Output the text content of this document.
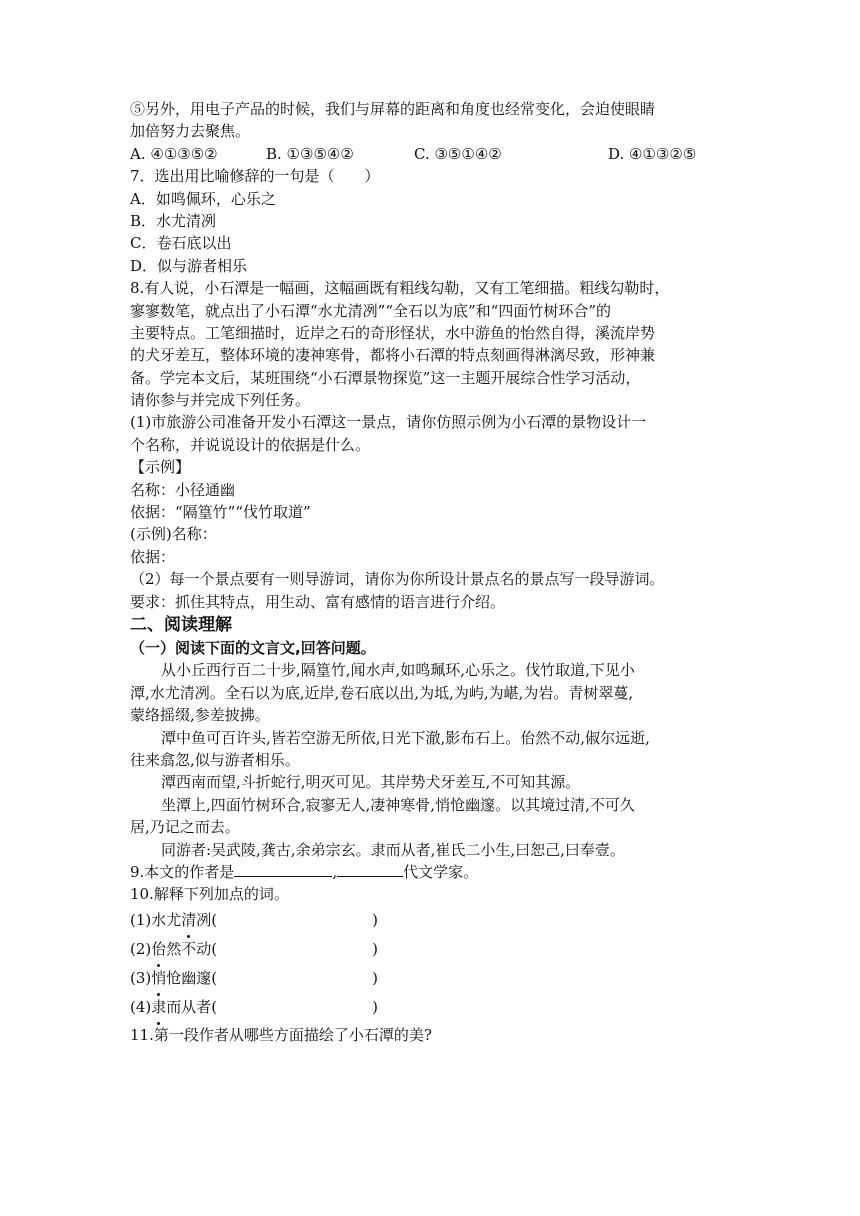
⑤另外，用电子产品的时候，我们与屏幕的距离和角度也经常变化，会迫使眼睛
加倍努力去聚焦。
A. ④①③⑤②	B. ①③⑤④②	C. ③⑤①④②	D. ④①③②⑤
7．选出用比喻修辞的一句是（　　）
A．如鸣佩环，心乐之
B．水尤清冽
C．卷石底以出
D．似与游者相乐
8.有人说，小石潭是一幅画，这幅画既有粗线勾勒，又有工笔细描。粗线勾勒时，
寥寥数笔，就点出了小石潭“水尤清冽”“全石以为底”和“四面竹树环合”的
主要特点。工笔细描时，近岸之石的奇形怪状，水中游鱼的怡然自得，溪流岸势
的犬牙差互，整体环境的凄神寒骨，都将小石潭的特点刻画得淋漓尽致，形神兼
备。学完本文后，某班围绕“小石潭景物探览”这一主题开展综合性学习活动，
请你参与并完成下列任务。
(1)市旅游公司准备开发小石潭这一景点，请你仿照示例为小石潭的景物设计一
个名称，并说说设计的依据是什么。
【示例】
名称：小径通幽
依据：“隔篁竹”“伐竹取道”
(示例)名称：
依据：
（2）每一个景点要有一则导游词，请你为你所设计景点名的景点写一段导游词。
要求：抓住其特点，用生动、富有感情的语言进行介绍。
二、阅读理解
（一）阅读下面的文言文,回答问题。
从小丘西行百二十步,隔篁竹,闻水声,如鸣珮环,心乐之。伐竹取道,下见小
潭,水尤清冽。全石以为底,近岸,卷石底以出,为坻,为屿,为嵁,为岩。青树翠蔓,
蒙络摇缀,参差披拂。
潭中鱼可百许头,皆若空游无所依,日光下澈,影布石上。佁然不动,俶尔远逝,
往来翕忽,似与游者相乐。
潭西南而望,斗折蛇行,明灭可见。其岸势犬牙差互,不可知其源。
坐潭上,四面竹树环合,寂寥无人,凄神寒骨,悄怆幽邃。以其境过清,不可久
居,乃记之而去。
同游者:吴武陵,龚古,余弟宗玄。隶而从者,崔氏二小生,曰恕己,曰奉壹。
9.本文的作者是	,	代文学家。
10.解释下列加点的词。
(1)水尤清冽(	)
(2)佁然不动(	)
(3)悄怆幽邃(	)
(4)隶而从者(	)
11.第一段作者从哪些方面描绘了小石潭的美?
